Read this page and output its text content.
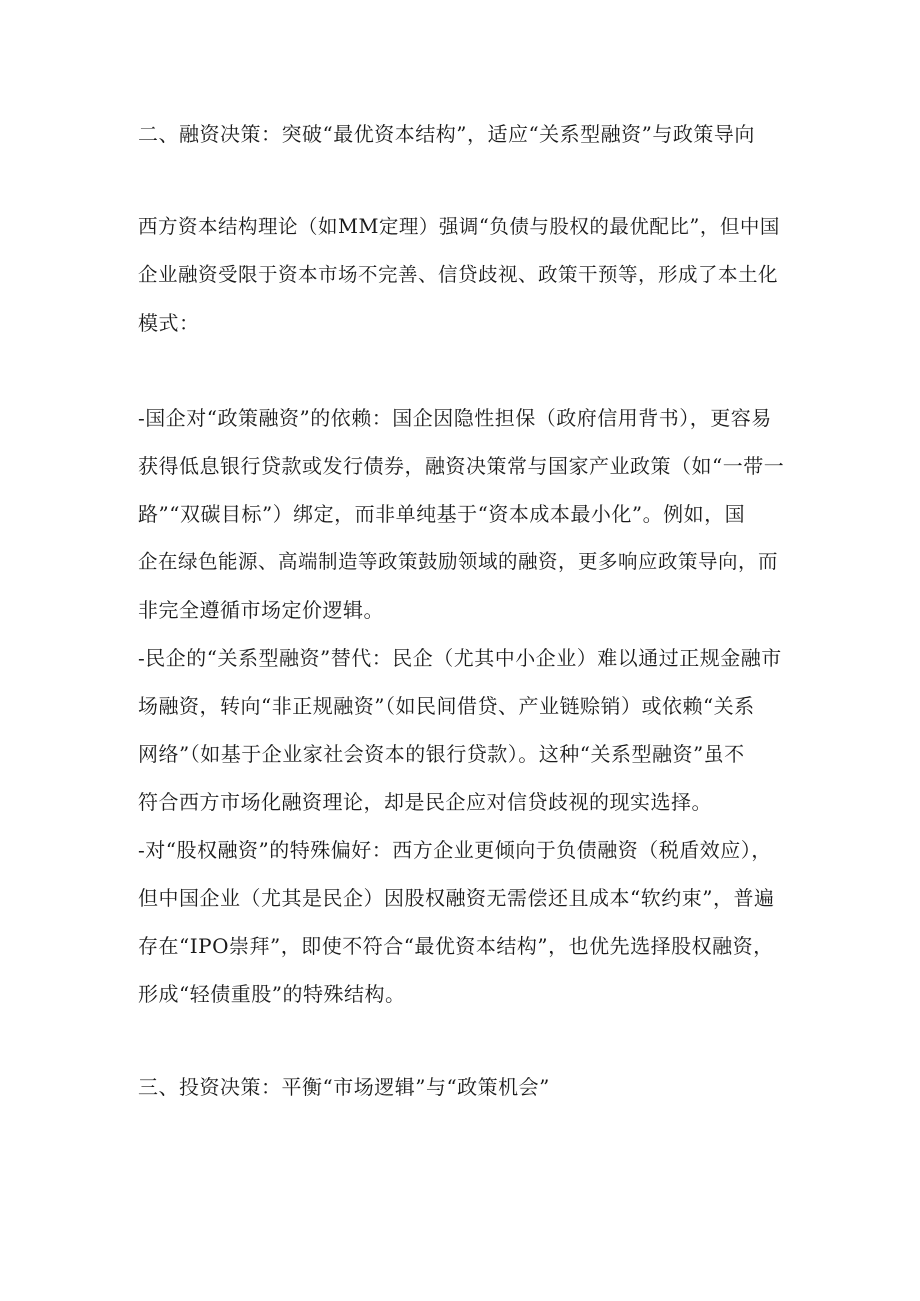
二、融资决策：突破“最优资本结构”，适应“关系型融资”与政策导向
西方资本结构理论（如MM定理）强调“负债与股权的最优配比”，但中国
企业融资受限于资本市场不完善、信贷歧视、政策干预等，形成了本土化
模式：
-国企对“政策融资”的依赖：国企因隐性担保（政府信用背书），更容易
获得低息银行贷款或发行债券，融资决策常与国家产业政策（如“一带一
路”“双碳目标”）绑定，而非单纯基于“资本成本最小化”。例如，国
企在绿色能源、高端制造等政策鼓励领域的融资，更多响应政策导向，而
非完全遵循市场定价逻辑。
-民企的“关系型融资”替代：民企（尤其中小企业）难以通过正规金融市
场融资，转向“非正规融资”（如民间借贷、产业链赊销）或依赖“关系
网络”（如基于企业家社会资本的银行贷款）。这种“关系型融资”虽不
符合西方市场化融资理论，却是民企应对信贷歧视的现实选择。
-对“股权融资”的特殊偏好：西方企业更倾向于负债融资（税盾效应），
但中国企业（尤其是民企）因股权融资无需偿还且成本“软约束”，普遍
存在“IPO崇拜”，即使不符合“最优资本结构”，也优先选择股权融资，
形成“轻债重股”的特殊结构。
三、投资决策：平衡“市场逻辑”与“政策机会”
